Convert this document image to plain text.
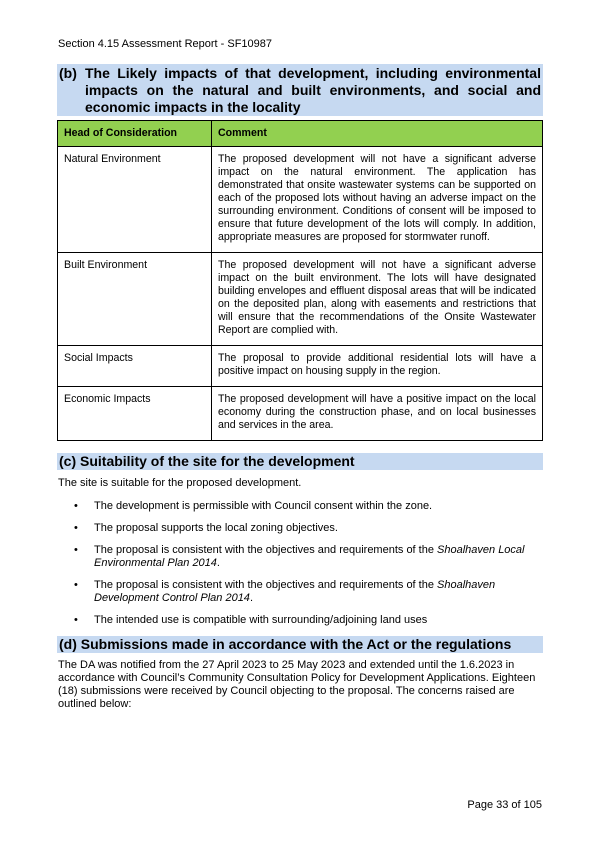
Section 4.15 Assessment Report - SF10987
(b) The Likely impacts of that development, including environmental impacts on the natural and built environments, and social and economic impacts in the locality
Head of Consideration	Comment
Natural Environment	The proposed development will not have a significant adverse impact on the natural environment. The application has demonstrated that onsite wastewater systems can be supported on each of the proposed lots without having an adverse impact on the surrounding environment. Conditions of consent will be imposed to ensure that future development of the lots will comply. In addition, appropriate measures are proposed for stormwater runoff.
Built Environment	The proposed development will not have a significant adverse impact on the built environment. The lots will have designated building envelopes and effluent disposal areas that will be indicated on the deposited plan, along with easements and restrictions that will ensure that the recommendations of the Onsite Wastewater Report are complied with.
Social Impacts	The proposal to provide additional residential lots will have a positive impact on housing supply in the region.
Economic Impacts	The proposed development will have a positive impact on the local economy during the construction phase, and on local businesses and services in the area.
(c) Suitability of the site for the development
The site is suitable for the proposed development.
• The development is permissible with Council consent within the zone.
• The proposal supports the local zoning objectives.
• The proposal is consistent with the objectives and requirements of the Shoalhaven Local Environmental Plan 2014.
• The proposal is consistent with the objectives and requirements of the Shoalhaven Development Control Plan 2014.
• The intended use is compatible with surrounding/adjoining land uses
(d) Submissions made in accordance with the Act or the regulations
The DA was notified from the 27 April 2023 to 25 May 2023 and extended until the 1.6.2023 in accordance with Council’s Community Consultation Policy for Development Applications. Eighteen (18) submissions were received by Council objecting to the proposal. The concerns raised are outlined below:
Page 33 of 105
